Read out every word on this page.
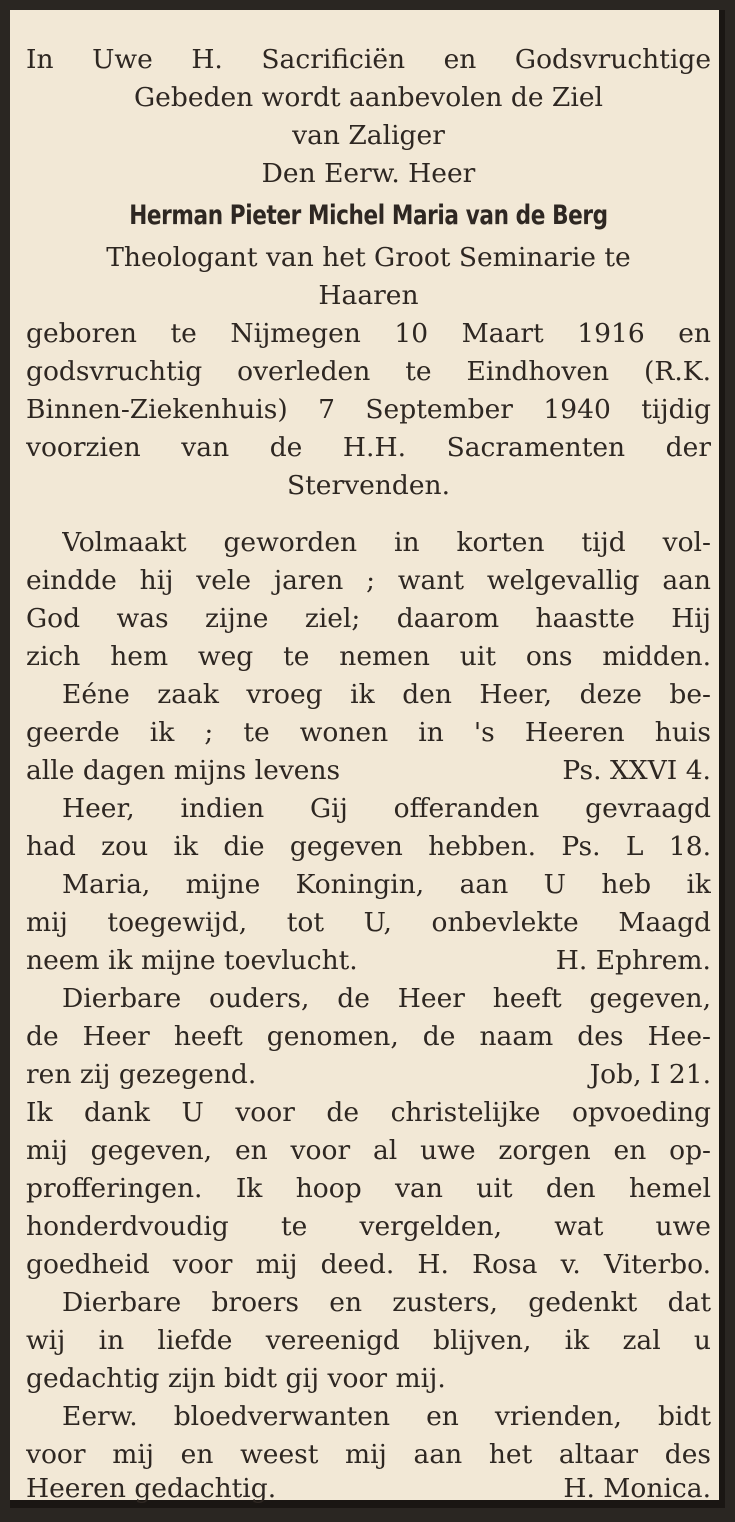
In Uwe H. Sacrificiën en Godsvruchtige
Gebeden wordt aanbevolen de Ziel
van Zaliger
Den Eerw. Heer
Herman Pieter Michel Maria van de Berg
Theologant van het Groot Seminarie te
Haaren
geboren te Nijmegen 10 Maart 1916 en
godsvruchtig overleden te Eindhoven (R.K.
Binnen-Ziekenhuis) 7 September 1940 tijdig
voorzien van de H.H. Sacramenten der
Stervenden.
Volmaakt geworden in korten tijd vol-
eindde hij vele jaren ; want welgevallig aan
God was zijne ziel; daarom haastte Hij
zich hem weg te nemen uit ons midden.
Eéne zaak vroeg ik den Heer, deze be-
geerde ik ; te wonen in 's Heeren huis
alle dagen mijns levens	Ps. XXVI 4.
Heer, indien Gij offeranden gevraagd
had zou ik die gegeven hebben. Ps. L 18.
Maria, mijne Koningin, aan U heb ik
mij toegewijd, tot U, onbevlekte Maagd
neem ik mijne toevlucht.	H. Ephrem.
Dierbare ouders, de Heer heeft gegeven,
de Heer heeft genomen, de naam des Hee-
ren zij gezegend.	Job, I 21.
Ik dank U voor de christelijke opvoeding
mij gegeven, en voor al uwe zorgen en op-
profferingen. Ik hoop van uit den hemel
honderdvoudig te vergelden, wat uwe
goedheid voor mij deed. H. Rosa v. Viterbo.
Dierbare broers en zusters, gedenkt dat
wij in liefde vereenigd blijven, ik zal u
gedachtig zijn bidt gij voor mij.
Eerw. bloedverwanten en vrienden, bidt
voor mij en weest mij aan het altaar des
Heeren gedachtig.	H. Monica.
